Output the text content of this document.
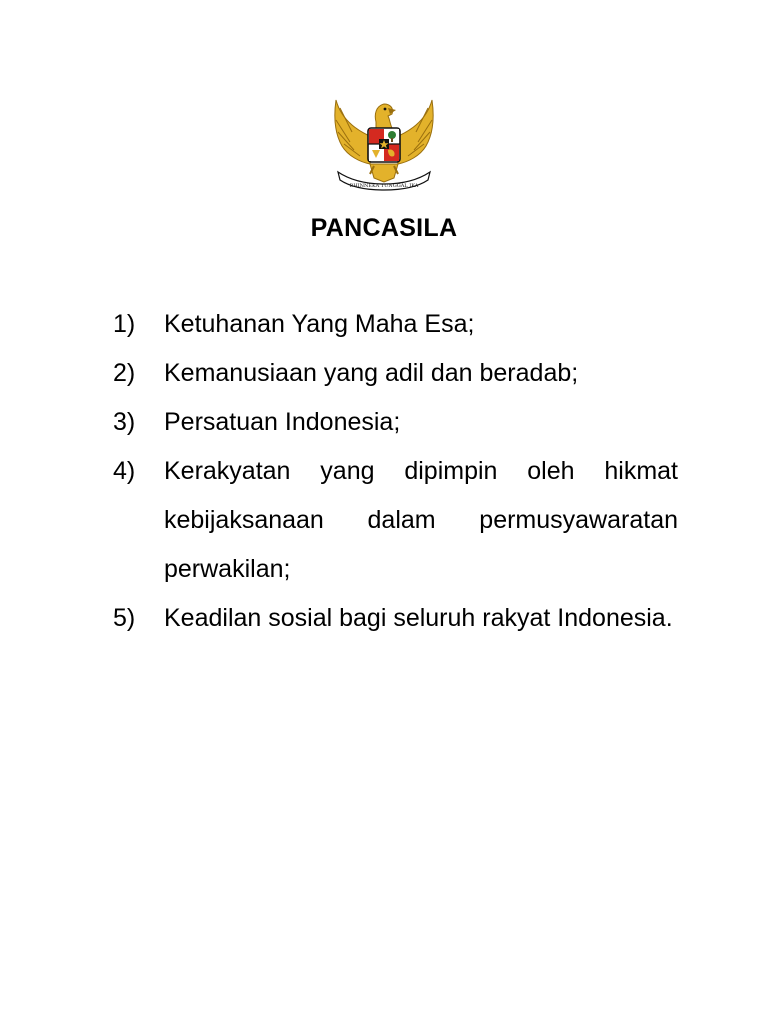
BHINNEKA TUNGGAL IKA
PANCASILA
1)	Ketuhanan Yang Maha Esa;
2)	Kemanusiaan yang adil dan beradab;
3)	Persatuan Indonesia;
4)	Kerakyatan yang dipimpin oleh hikmat kebijaksanaan dalam permusyawaratan perwakilan;
5)	Keadilan sosial bagi seluruh rakyat Indonesia.
